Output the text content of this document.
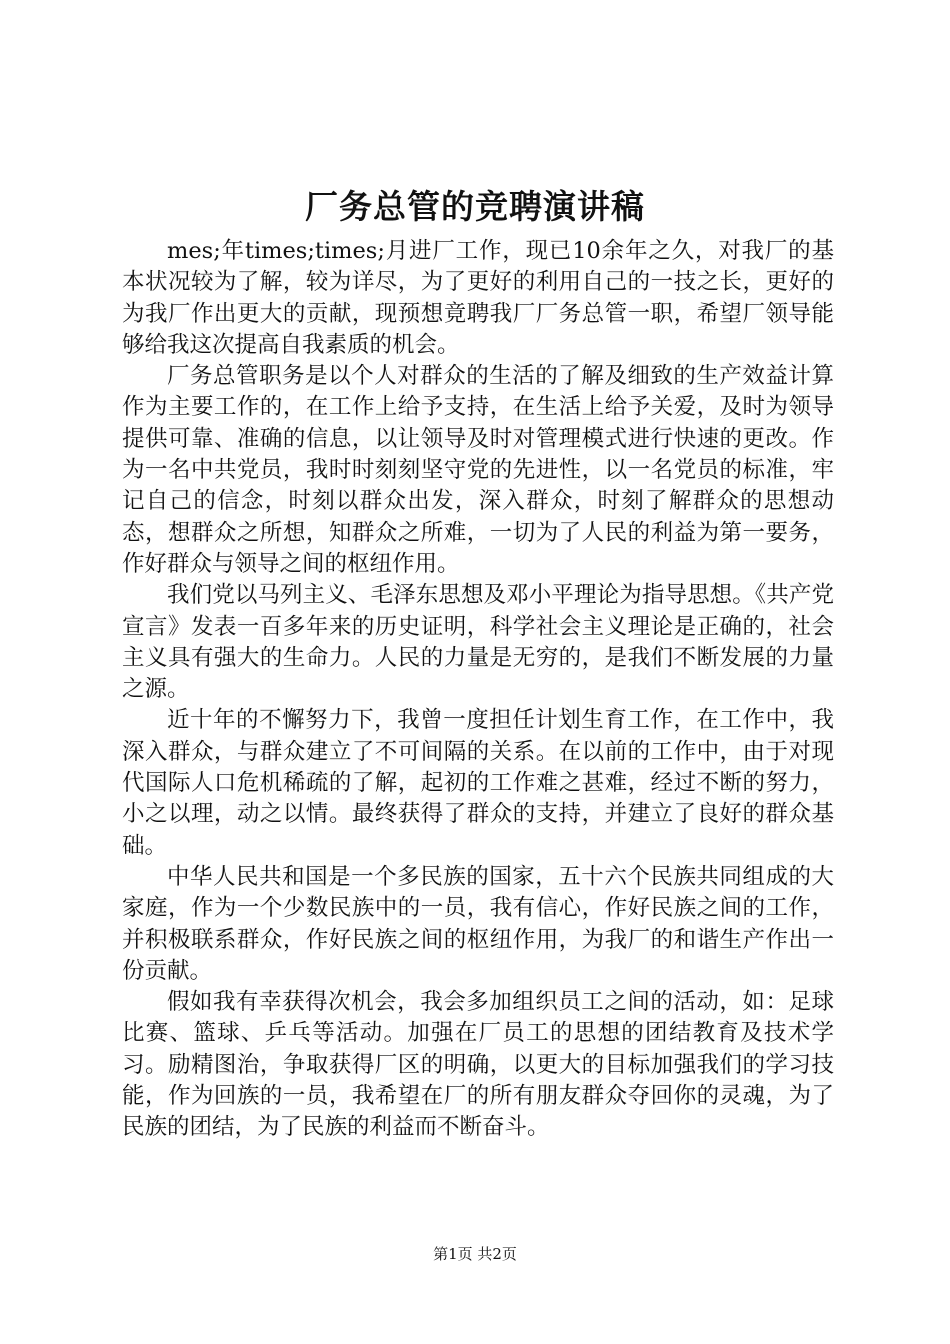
厂务总管的竞聘演讲稿

mes;年times;times;月进厂工作，现已10余年之久，对我厂的基本状况较为了解，较为详尽，为了更好的利用自己的一技之长，更好的为我厂作出更大的贡献，现预想竟聘我厂厂务总管一职，希望厂领导能够给我这次提高自我素质的机会。

厂务总管职务是以个人对群众的生活的了解及细致的生产效益计算作为主要工作的，在工作上给予支持，在生活上给予关爱，及时为领导提供可靠、准确的信息，以让领导及时对管理模式进行快速的更改。作为一名中共党员，我时时刻刻坚守党的先进性，以一名党员的标准，牢记自己的信念，时刻以群众出发，深入群众，时刻了解群众的思想动态，想群众之所想，知群众之所难，一切为了人民的利益为第一要务，作好群众与领导之间的枢纽作用。

我们党以马列主义、毛泽东思想及邓小平理论为指导思想。《共产党宣言》发表一百多年来的历史证明，科学社会主义理论是正确的，社会主义具有强大的生命力。人民的力量是无穷的，是我们不断发展的力量之源。

近十年的不懈努力下，我曾一度担任计划生育工作，在工作中，我深入群众，与群众建立了不可间隔的关系。在以前的工作中，由于对现代国际人口危机稀疏的了解，起初的工作难之甚难，经过不断的努力，小之以理，动之以情。最终获得了群众的支持，并建立了良好的群众基础。

中华人民共和国是一个多民族的国家，五十六个民族共同组成的大家庭，作为一个少数民族中的一员，我有信心，作好民族之间的工作，并积极联系群众，作好民族之间的枢纽作用，为我厂的和谐生产作出一份贡献。

假如我有幸获得次机会，我会多加组织员工之间的活动，如：足球比赛、篮球、乒乓等活动。加强在厂员工的思想的团结教育及技术学习。励精图治，争取获得厂区的明确，以更大的目标加强我们的学习技能，作为回族的一员，我希望在厂的所有朋友群众夺回你的灵魂，为了民族的团结，为了民族的利益而不断奋斗。

第1页 共2页
